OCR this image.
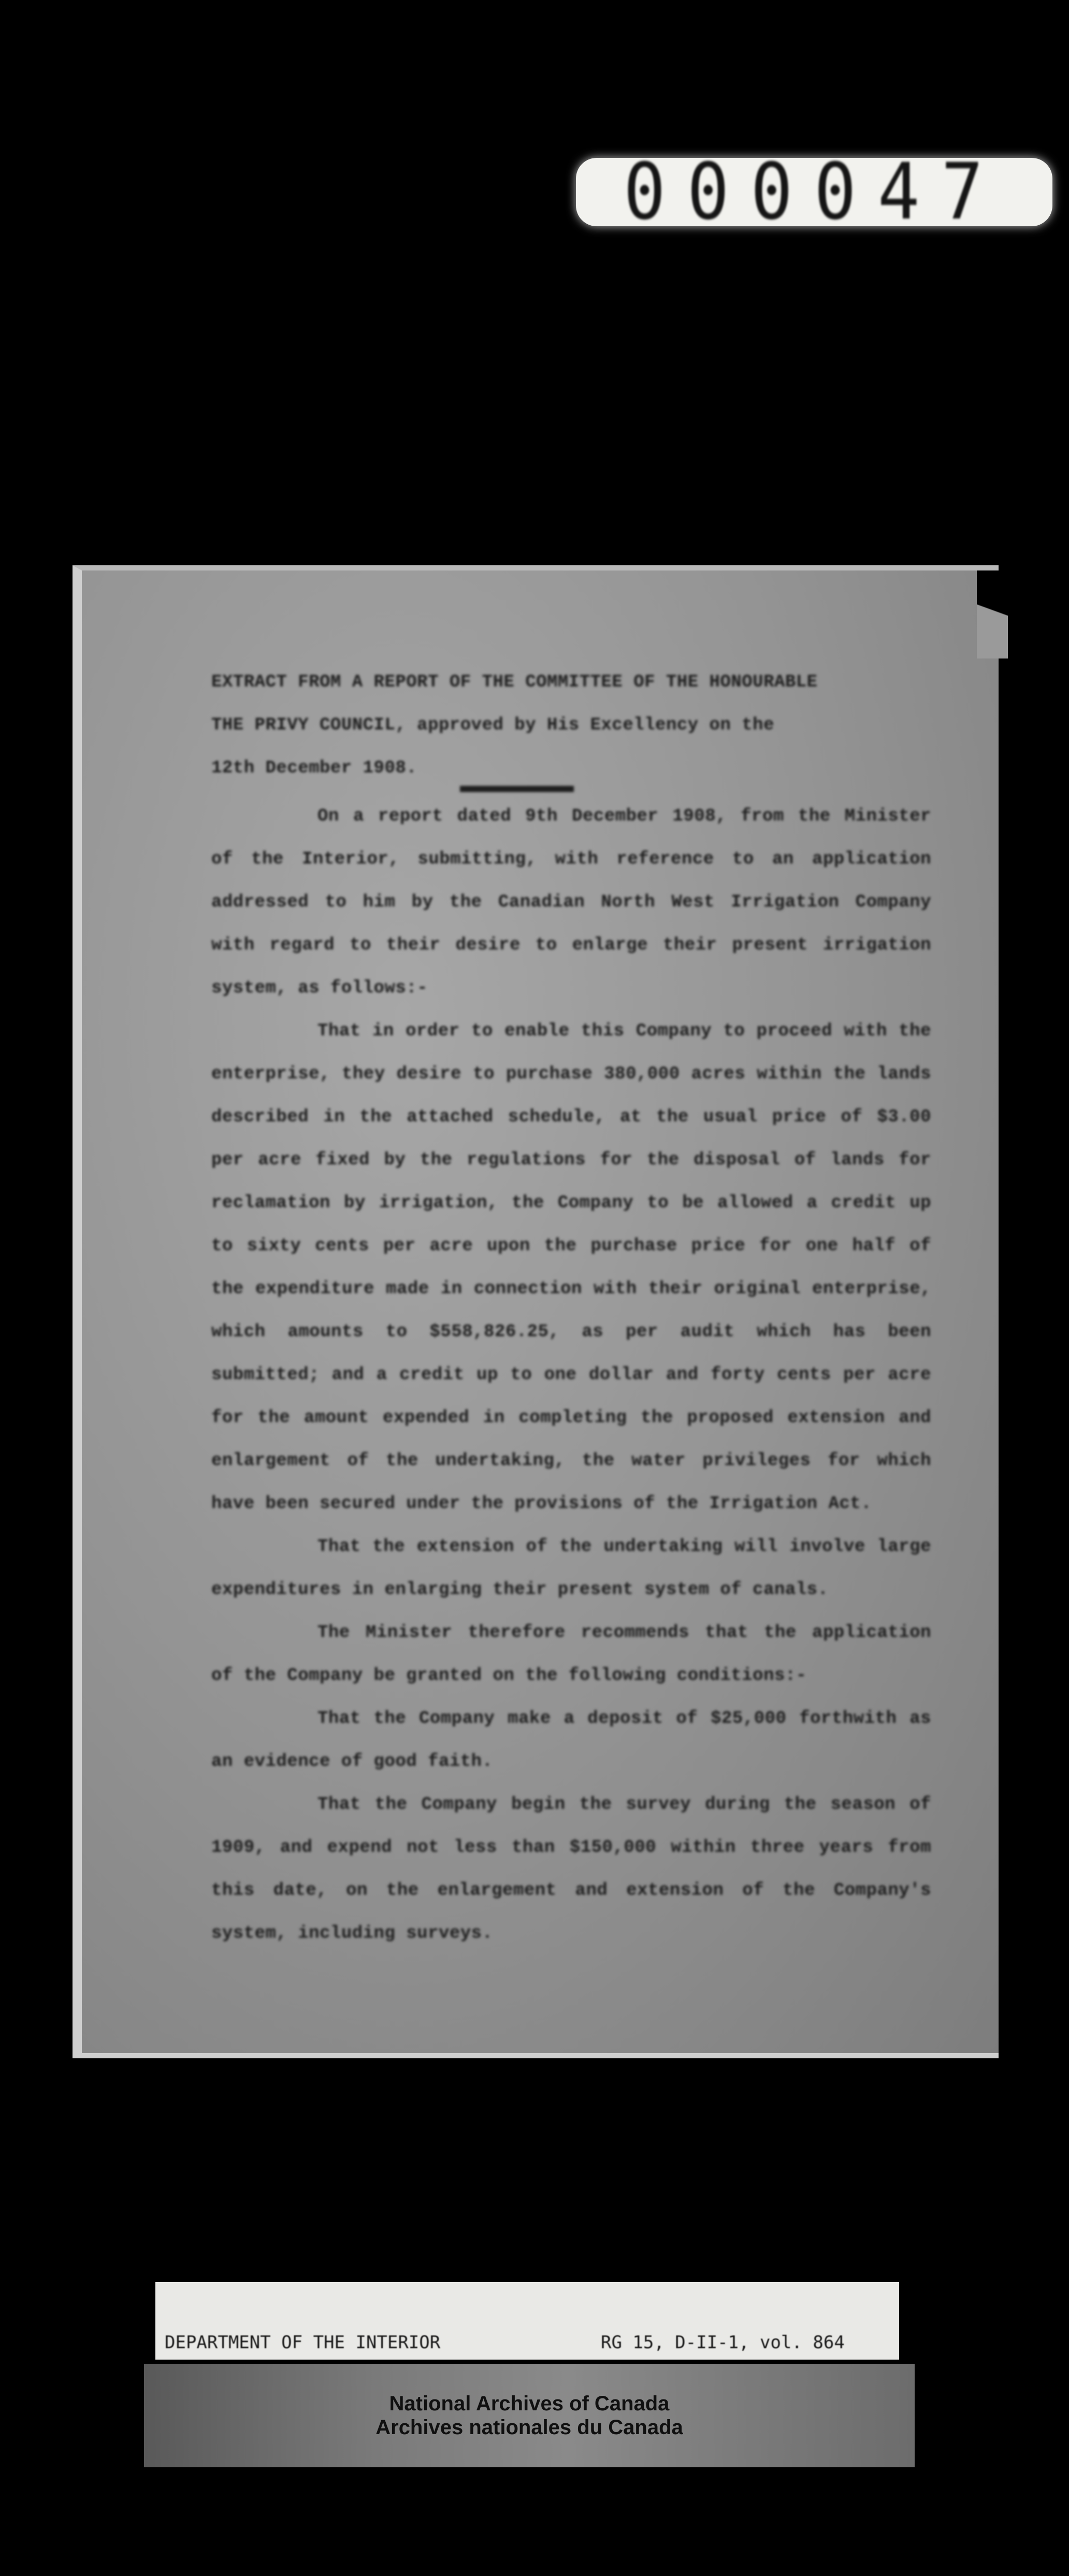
000047

EXTRACT FROM A REPORT OF THE COMMITTEE OF THE HONOURABLE

THE PRIVY COUNCIL, approved by His Excellency on the

12th December 1908.

On a report dated 9th December 1908, from the Minister of the Interior, submitting, with reference to an application addressed to him by the Canadian North West Irrigation Company with regard to their desire to enlarge their present irrigation system, as follows:-

That in order to enable this Company to proceed with the enterprise, they desire to purchase 380,000 acres within the lands described in the attached schedule, at the usual price of $3.00 per acre fixed by the regulations for the disposal of lands for reclamation by irrigation, the Company to be allowed a credit up to sixty cents per acre upon the purchase price for one half of the expenditure made in connection with their original enterprise, which amounts to $558,826.25, as per audit which has been submitted; and a credit up to one dollar and forty cents per acre for the amount expended in completing the proposed extension and enlargement of the undertaking, the water privileges for which have been secured under the provisions of the Irrigation Act.

That the extension of the undertaking will involve large expenditures in enlarging their present system of canals.

The Minister therefore recommends that the application of the Company be granted on the following conditions:-

That the Company make a deposit of $25,000 forthwith as an evidence of good faith.

That the Company begin the survey during the season of 1909, and expend not less than $150,000 within three years from this date, on the enlargement and extension of the Company's system, including surveys.

DEPARTMENT OF THE INTERIOR

	RG 15, D-II-1, vol. 864

National Archives of Canada
Archives nationales du Canada
